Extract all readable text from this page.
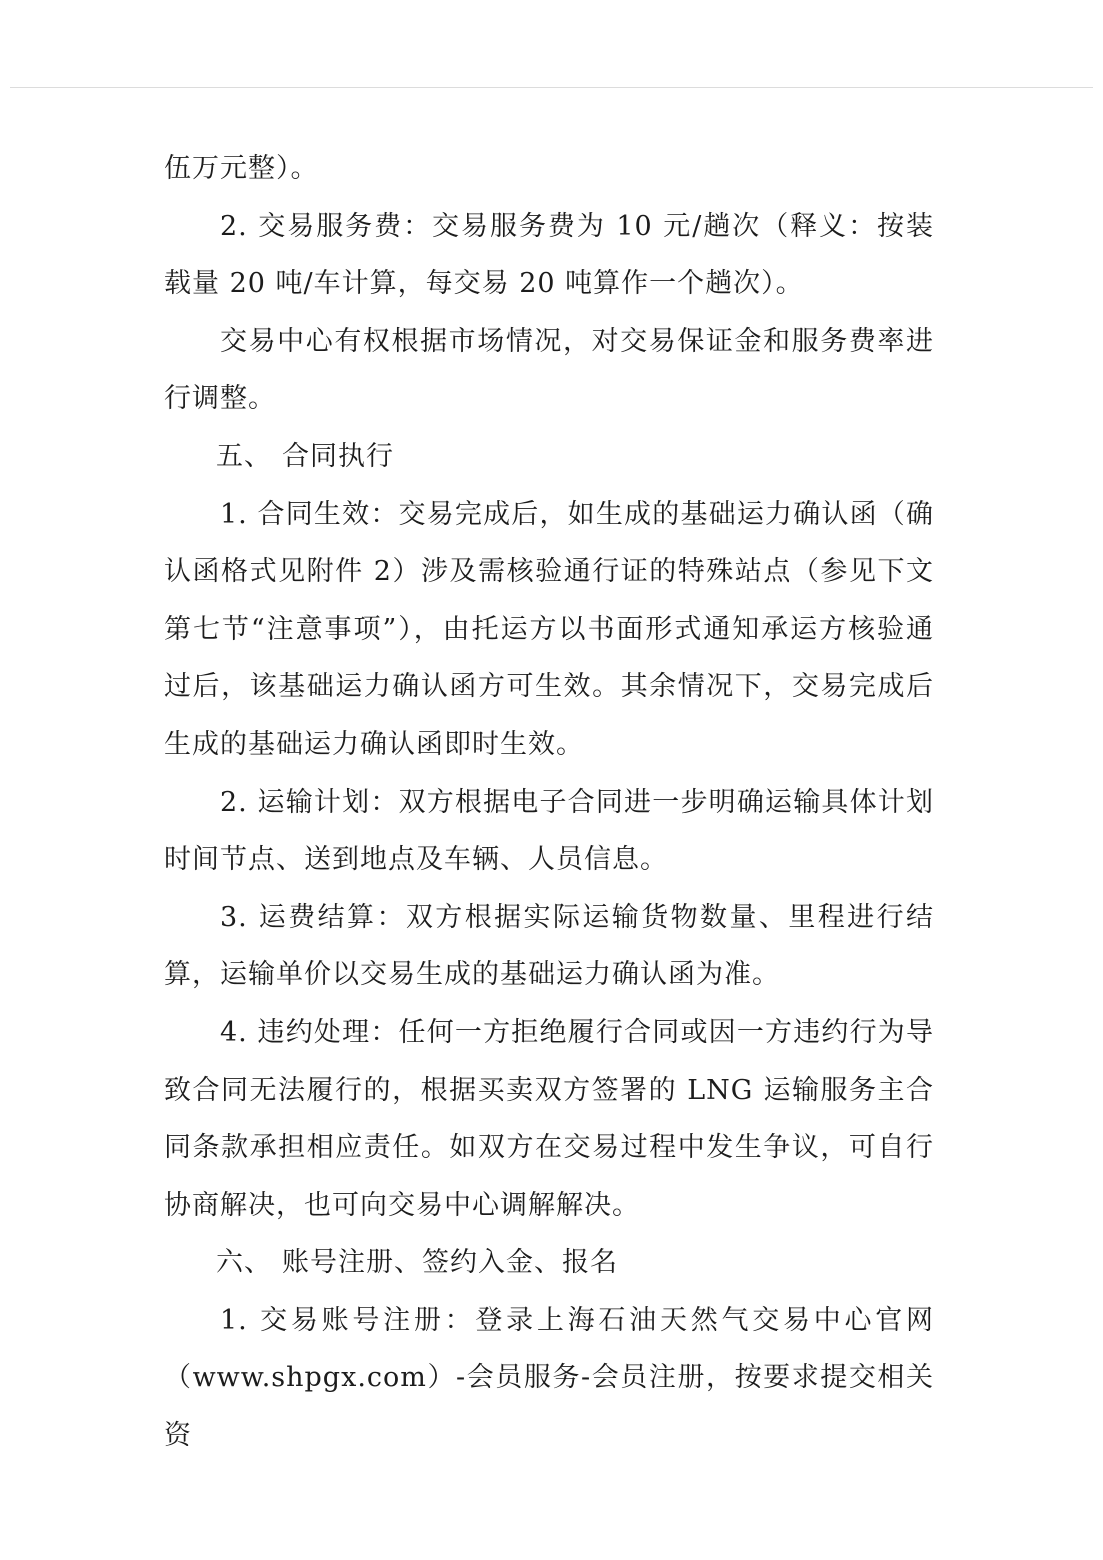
伍万元整）。

2. 交易服务费：交易服务费为 10 元/趟次（释义：按装载量 20 吨/车计算，每交易 20 吨算作一个趟次）。

交易中心有权根据市场情况，对交易保证金和服务费率进行调整。

五、 合同执行

1. 合同生效：交易完成后，如生成的基础运力确认函（确认函格式见附件 2）涉及需核验通行证的特殊站点（参见下文第七节“注意事项”），由托运方以书面形式通知承运方核验通过后，该基础运力确认函方可生效。其余情况下，交易完成后生成的基础运力确认函即时生效。

2. 运输计划：双方根据电子合同进一步明确运输具体计划时间节点、送到地点及车辆、人员信息。

3. 运费结算：双方根据实际运输货物数量、里程进行结算，运输单价以交易生成的基础运力确认函为准。

4. 违约处理：任何一方拒绝履行合同或因一方违约行为导致合同无法履行的，根据买卖双方签署的 LNG 运输服务主合同条款承担相应责任。如双方在交易过程中发生争议，可自行协商解决，也可向交易中心调解解决。

六、 账号注册、签约入金、报名

1. 交易账号注册：登录上海石油天然气交易中心官网（www.shpgx.com）-会员服务-会员注册，按要求提交相关资
